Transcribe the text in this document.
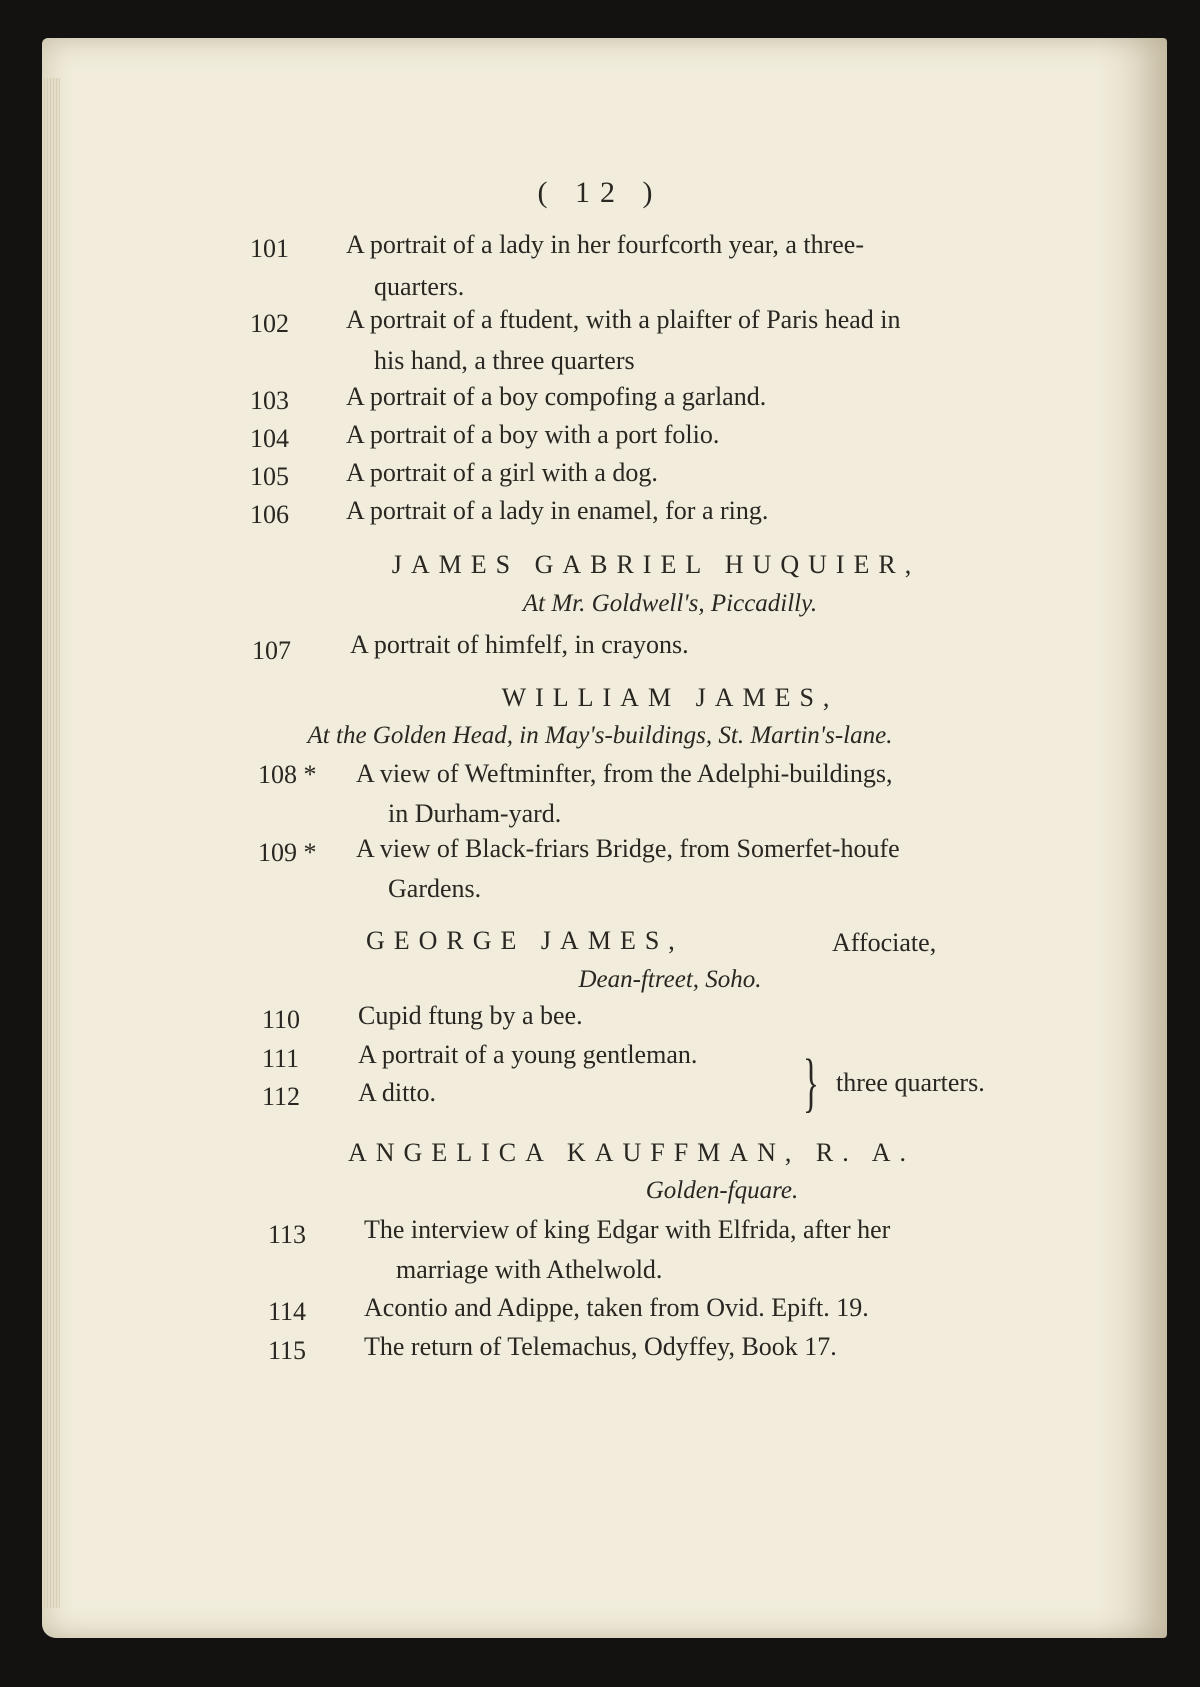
( 12 )
101 A portrait of a lady in her fourfcorth year, a three-
quarters.
102 A portrait of a ftudent, with a plaifter of Paris head in
his hand, a three quarters
103 A portrait of a boy compofing a garland.
104 A portrait of a boy with a port folio.
105 A portrait of a girl with a dog.
106 A portrait of a lady in enamel, for a ring.
JAMES GABRIEL HUQUIER,
At Mr. Goldwell's, Piccadilly.
107 A portrait of himfelf, in crayons.
WILLIAM JAMES,
At the Golden Head, in May's-buildings, St. Martin's-lane.
108 * A view of Weftminfter, from the Adelphi-buildings,
in Durham-yard.
109 * A view of Black-friars Bridge, from Somerfet-houfe
Gardens.
GEORGE JAMES,	Affociate,
Dean-ftreet, Soho.
110 Cupid ftung by a bee.
111 A portrait of a young gentleman.
112 A ditto.	} three quarters.
ANGELICA KAUFFMAN, R. A.
Golden-fquare.
113 The interview of king Edgar with Elfrida, after her
marriage with Athelwold.
114 Acontio and Adippe, taken from Ovid. Epift. 19.
115 The return of Telemachus, Odyffey, Book 17.
